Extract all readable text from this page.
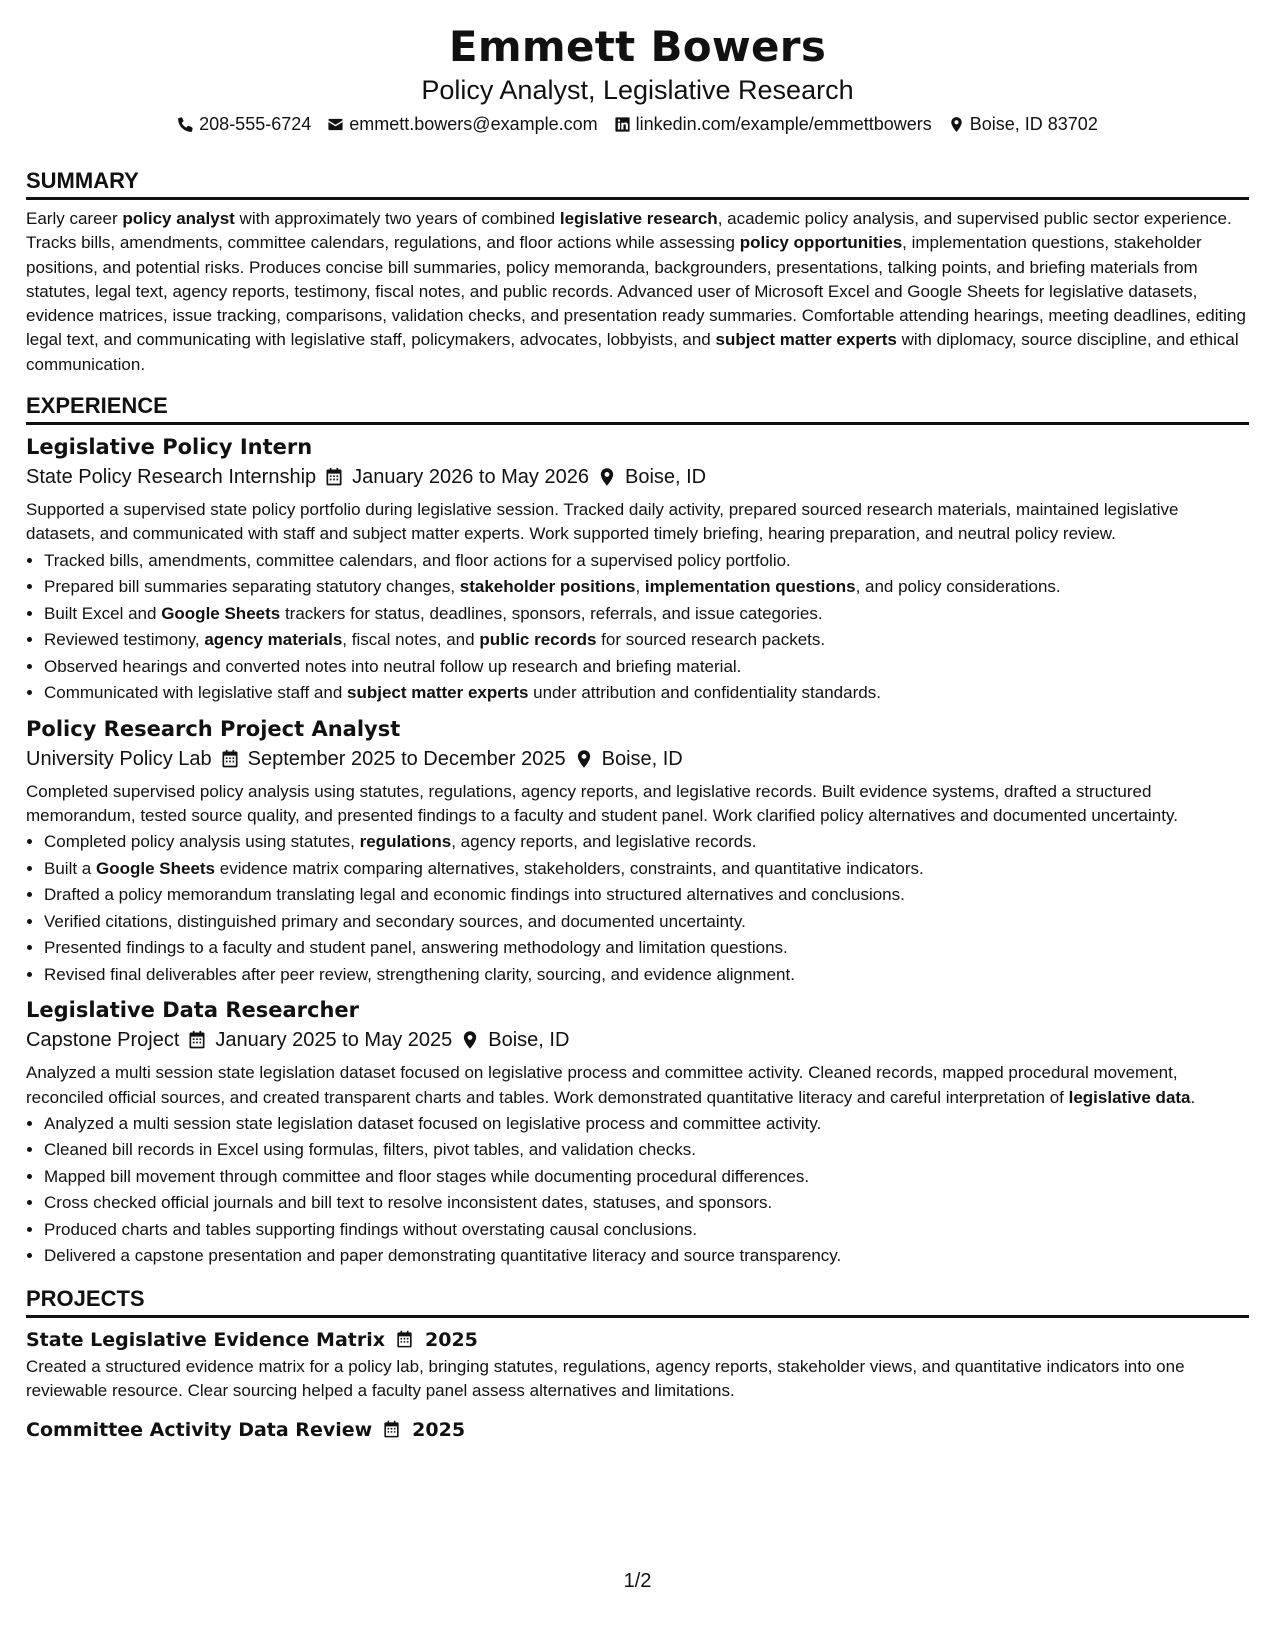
Emmett Bowers
Policy Analyst, Legislative Research
208-555-6724 emmett.bowers@example.com linkedin.com/example/emmettbowers Boise, ID 83702
SUMMARY
Early career policy analyst with approximately two years of combined legislative research, academic policy analysis, and supervised public sector experience. Tracks bills, amendments, committee calendars, regulations, and floor actions while assessing policy opportunities, implementation questions, stakeholder positions, and potential risks. Produces concise bill summaries, policy memoranda, backgrounders, presentations, talking points, and briefing materials from statutes, legal text, agency reports, testimony, fiscal notes, and public records. Advanced user of Microsoft Excel and Google Sheets for legislative datasets, evidence matrices, issue tracking, comparisons, validation checks, and presentation ready summaries. Comfortable attending hearings, meeting deadlines, editing legal text, and communicating with legislative staff, policymakers, advocates, lobbyists, and subject matter experts with diplomacy, source discipline, and ethical communication.
EXPERIENCE
Legislative Policy Intern
State Policy Research Internship January 2026 to May 2026 Boise, ID
Supported a supervised state policy portfolio during legislative session. Tracked daily activity, prepared sourced research materials, maintained legislative datasets, and communicated with staff and subject matter experts. Work supported timely briefing, hearing preparation, and neutral policy review.
• Tracked bills, amendments, committee calendars, and floor actions for a supervised policy portfolio.
• Prepared bill summaries separating statutory changes, stakeholder positions, implementation questions, and policy considerations.
• Built Excel and Google Sheets trackers for status, deadlines, sponsors, referrals, and issue categories.
• Reviewed testimony, agency materials, fiscal notes, and public records for sourced research packets.
• Observed hearings and converted notes into neutral follow up research and briefing material.
• Communicated with legislative staff and subject matter experts under attribution and confidentiality standards.
Policy Research Project Analyst
University Policy Lab September 2025 to December 2025 Boise, ID
Completed supervised policy analysis using statutes, regulations, agency reports, and legislative records. Built evidence systems, drafted a structured memorandum, tested source quality, and presented findings to a faculty and student panel. Work clarified policy alternatives and documented uncertainty.
• Completed policy analysis using statutes, regulations, agency reports, and legislative records.
• Built a Google Sheets evidence matrix comparing alternatives, stakeholders, constraints, and quantitative indicators.
• Drafted a policy memorandum translating legal and economic findings into structured alternatives and conclusions.
• Verified citations, distinguished primary and secondary sources, and documented uncertainty.
• Presented findings to a faculty and student panel, answering methodology and limitation questions.
• Revised final deliverables after peer review, strengthening clarity, sourcing, and evidence alignment.
Legislative Data Researcher
Capstone Project January 2025 to May 2025 Boise, ID
Analyzed a multi session state legislation dataset focused on legislative process and committee activity. Cleaned records, mapped procedural movement, reconciled official sources, and created transparent charts and tables. Work demonstrated quantitative literacy and careful interpretation of legislative data.
• Analyzed a multi session state legislation dataset focused on legislative process and committee activity.
• Cleaned bill records in Excel using formulas, filters, pivot tables, and validation checks.
• Mapped bill movement through committee and floor stages while documenting procedural differences.
• Cross checked official journals and bill text to resolve inconsistent dates, statuses, and sponsors.
• Produced charts and tables supporting findings without overstating causal conclusions.
• Delivered a capstone presentation and paper demonstrating quantitative literacy and source transparency.
PROJECTS
State Legislative Evidence Matrix 2025
Created a structured evidence matrix for a policy lab, bringing statutes, regulations, agency reports, stakeholder views, and quantitative indicators into one reviewable resource. Clear sourcing helped a faculty panel assess alternatives and limitations.
Committee Activity Data Review 2025
1/2
